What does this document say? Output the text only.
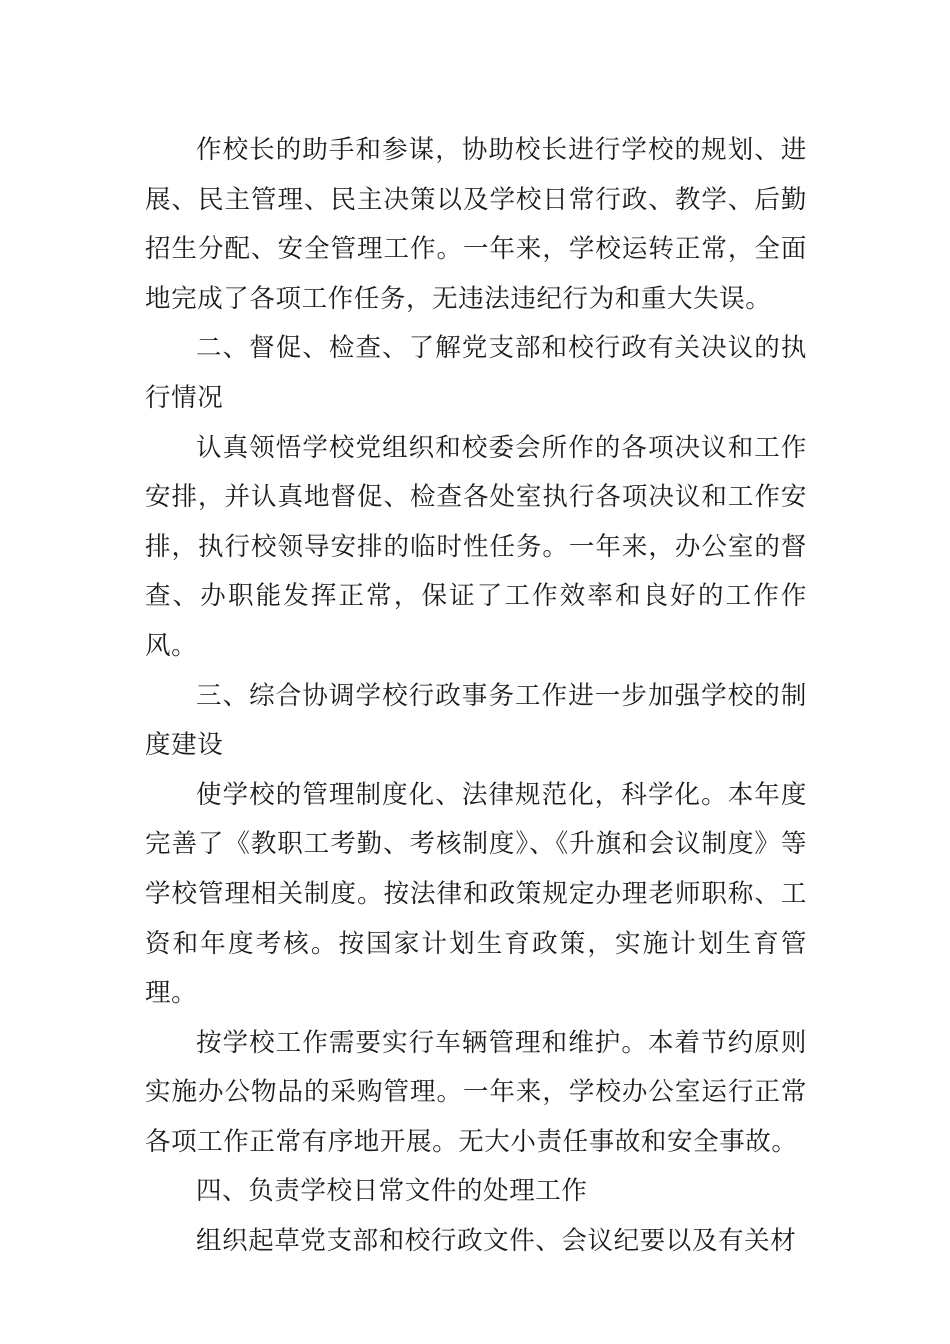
作校长的助手和参谋，协助校长进行学校的规划、进展、民主管理、民主决策以及学校日常行政、教学、后勤招生分配、安全管理工作。一年来，学校运转正常，全面地完成了各项工作任务，无违法违纪行为和重大失误。

二、督促、检查、了解党支部和校行政有关决议的执行情况

认真领悟学校党组织和校委会所作的各项决议和工作安排，并认真地督促、检查各处室执行各项决议和工作安排，执行校领导安排的临时性任务。一年来，办公室的督查、办职能发挥正常，保证了工作效率和良好的工作作风。

三、综合协调学校行政事务工作进一步加强学校的制度建设

使学校的管理制度化、法律规范化，科学化。本年度完善了《教职工考勤、考核制度》、《升旗和会议制度》等学校管理相关制度。按法律和政策规定办理老师职称、工资和年度考核。按国家计划生育政策，实施计划生育管理。

按学校工作需要实行车辆管理和维护。本着节约原则实施办公物品的采购管理。一年来，学校办公室运行正常各项工作正常有序地开展。无大小责任事故和安全事故。

四、负责学校日常文件的处理工作

组织起草党支部和校行政文件、会议纪要以及有关材
